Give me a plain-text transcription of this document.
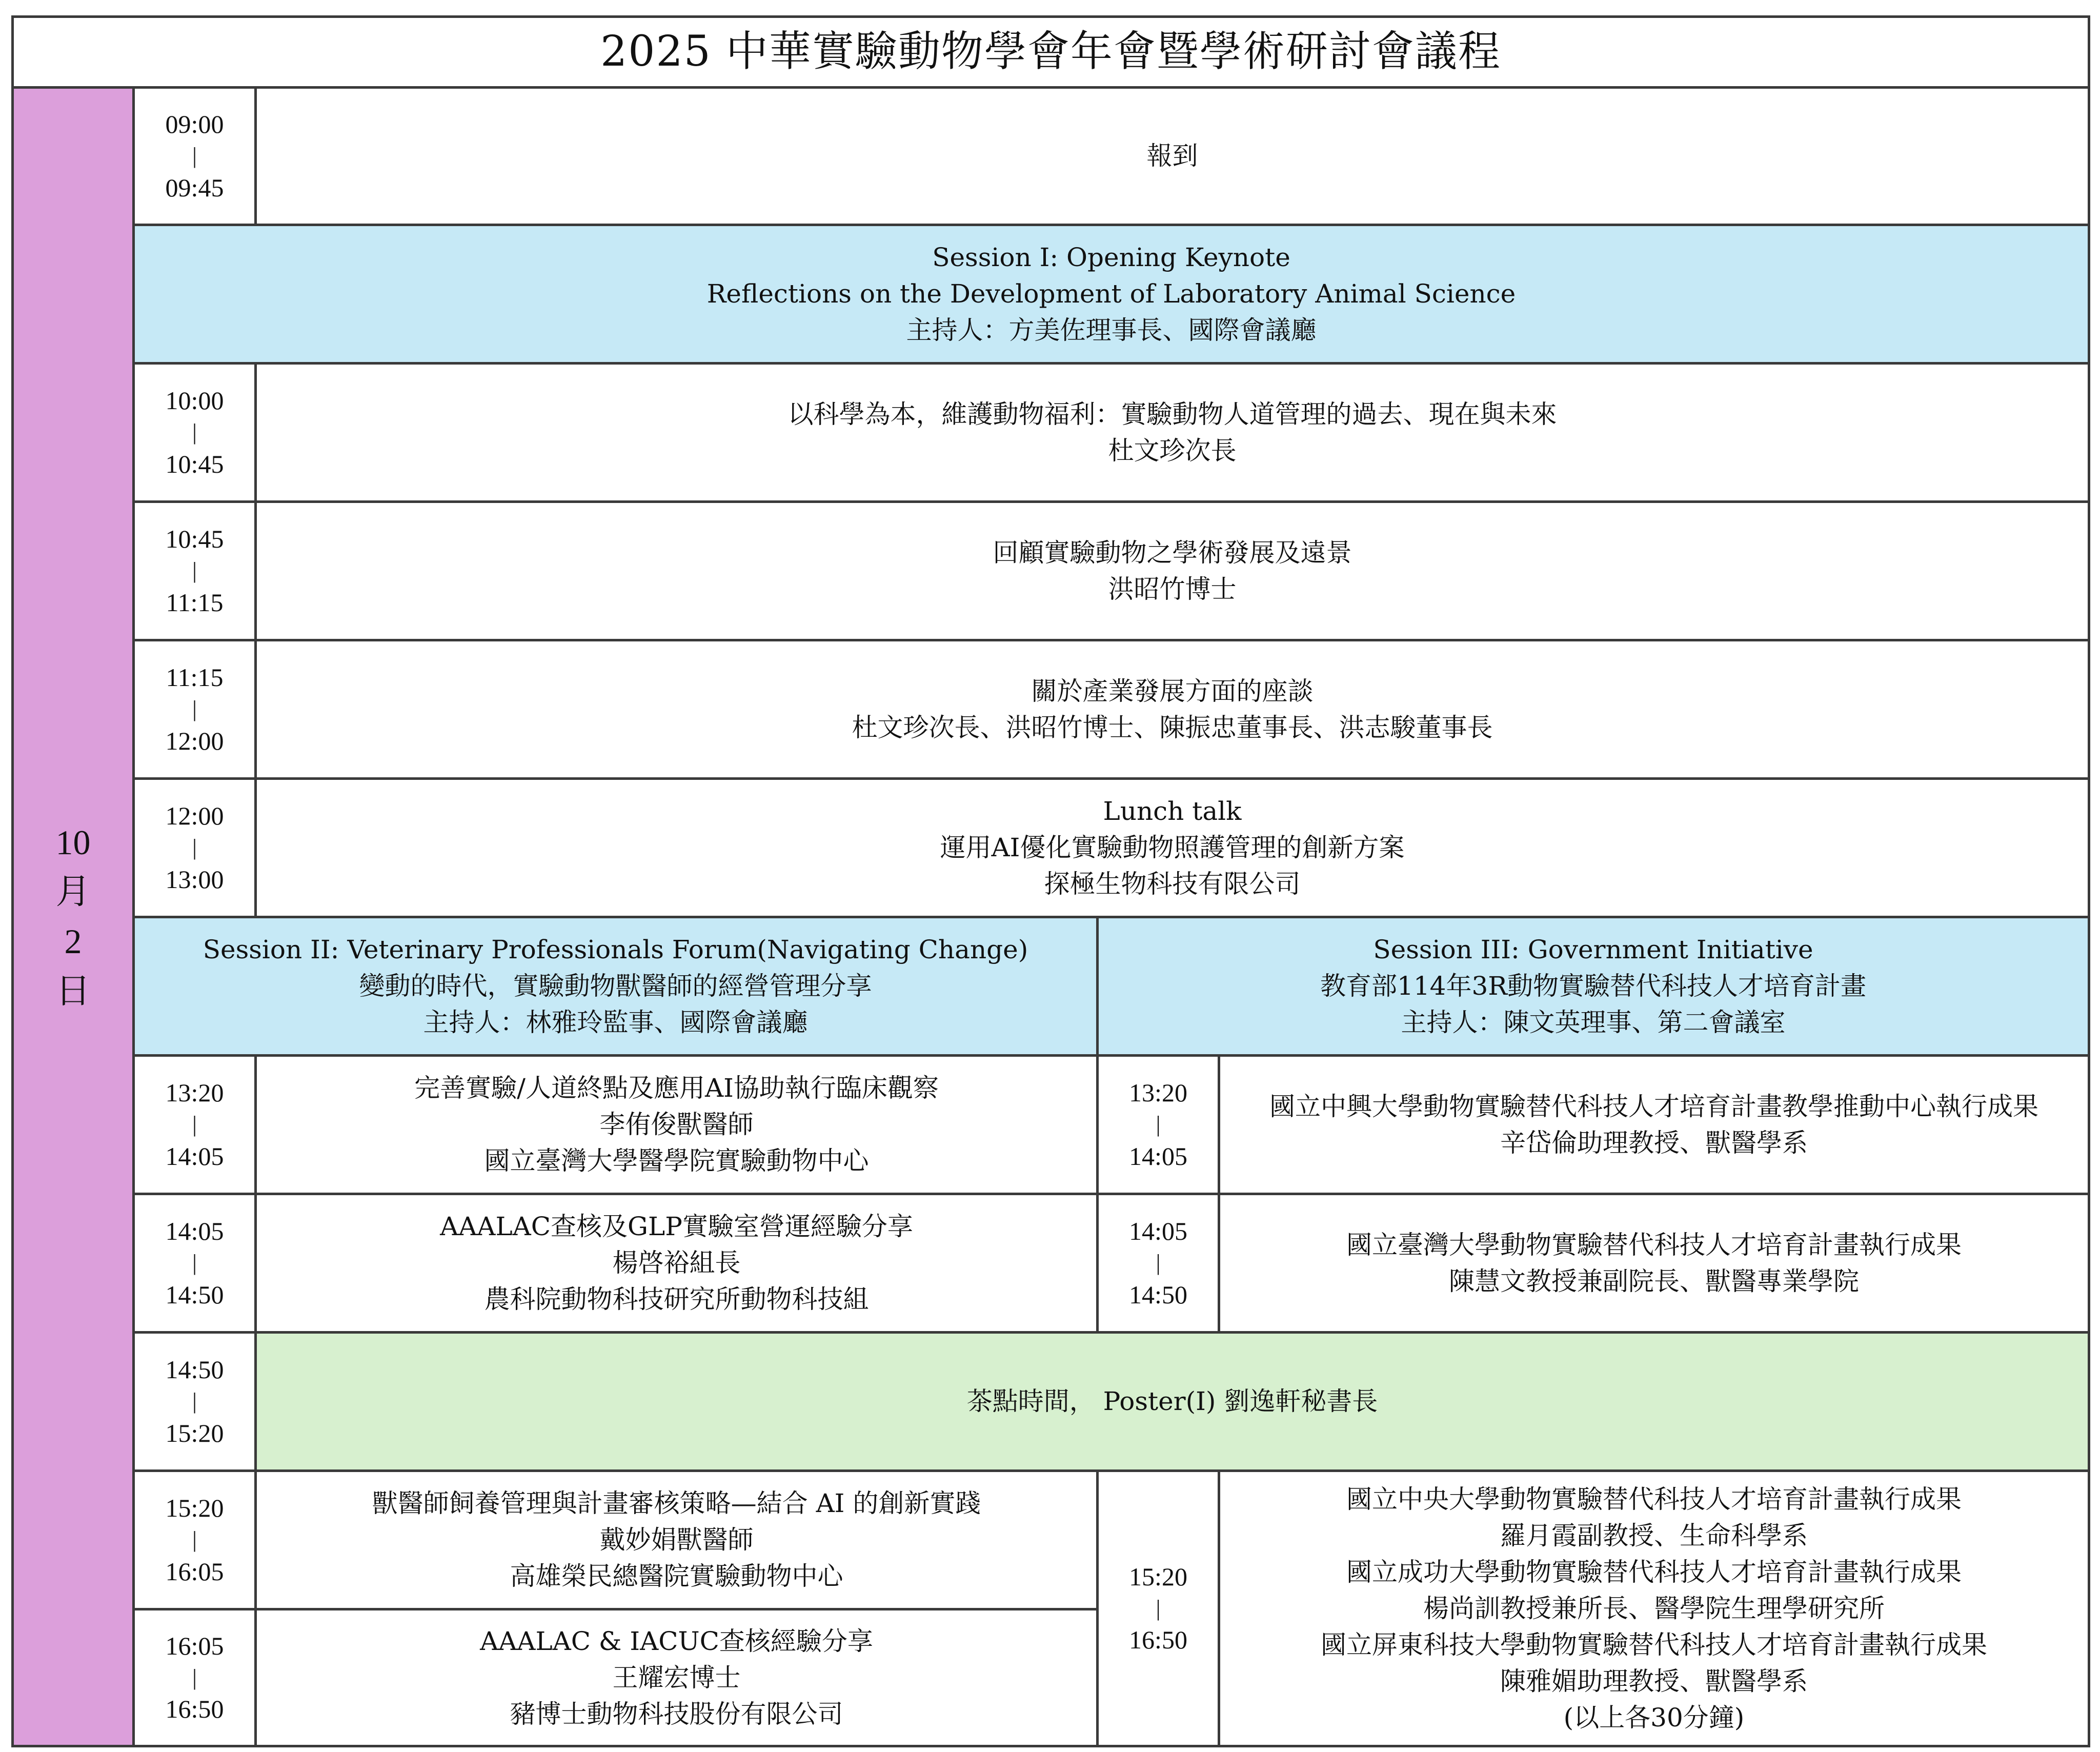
2025 中華實驗動物學會年會暨學術研討會議程
10
月
2
日
09:00
|
09:45
報到
Session I: Opening Keynote
Reflections on the Development of Laboratory Animal Science
主持人：方美佐理事長、國際會議廳
10:00
|
10:45
以科學為本，維護動物福利：實驗動物人道管理的過去、現在與未來
杜文珍次長
10:45
|
11:15
回顧實驗動物之學術發展及遠景
洪昭竹博士
11:15
|
12:00
關於產業發展方面的座談
杜文珍次長、洪昭竹博士、陳振忠董事長、洪志駿董事長
12:00
|
13:00
Lunch talk
運用AI優化實驗動物照護管理的創新方案
探極生物科技有限公司
Session II: Veterinary Professionals Forum(Navigating Change)
變動的時代，實驗動物獸醫師的經營管理分享
主持人：林雅玲監事、國際會議廳
Session III: Government Initiative
教育部114年3R動物實驗替代科技人才培育計畫
主持人：陳文英理事、第二會議室
13:20
|
14:05
完善實驗/人道終點及應用AI協助執行臨床觀察
李侑俊獸醫師
國立臺灣大學醫學院實驗動物中心
13:20
|
14:05
國立中興大學動物實驗替代科技人才培育計畫教學推動中心執行成果
辛岱倫助理教授、獸醫學系
14:05
|
14:50
AAALAC查核及GLP實驗室營運經驗分享
楊啓裕組長
農科院動物科技研究所動物科技組
14:05
|
14:50
國立臺灣大學動物實驗替代科技人才培育計畫執行成果
陳慧文教授兼副院長、獸醫專業學院
14:50
|
15:20
茶點時間， Poster(I) 劉逸軒秘書長
15:20
|
16:05
獸醫師飼養管理與計畫審核策略—結合 AI 的創新實踐
戴妙娟獸醫師
高雄榮民總醫院實驗動物中心
16:05
|
16:50
AAALAC & IACUC查核經驗分享
王耀宏博士
豬博士動物科技股份有限公司
15:20
|
16:50
國立中央大學動物實驗替代科技人才培育計畫執行成果
羅月霞副教授、生命科學系
國立成功大學動物實驗替代科技人才培育計畫執行成果
楊尚訓教授兼所長、醫學院生理學研究所
國立屏東科技大學動物實驗替代科技人才培育計畫執行成果
陳雅媚助理教授、獸醫學系
(以上各30分鐘)
